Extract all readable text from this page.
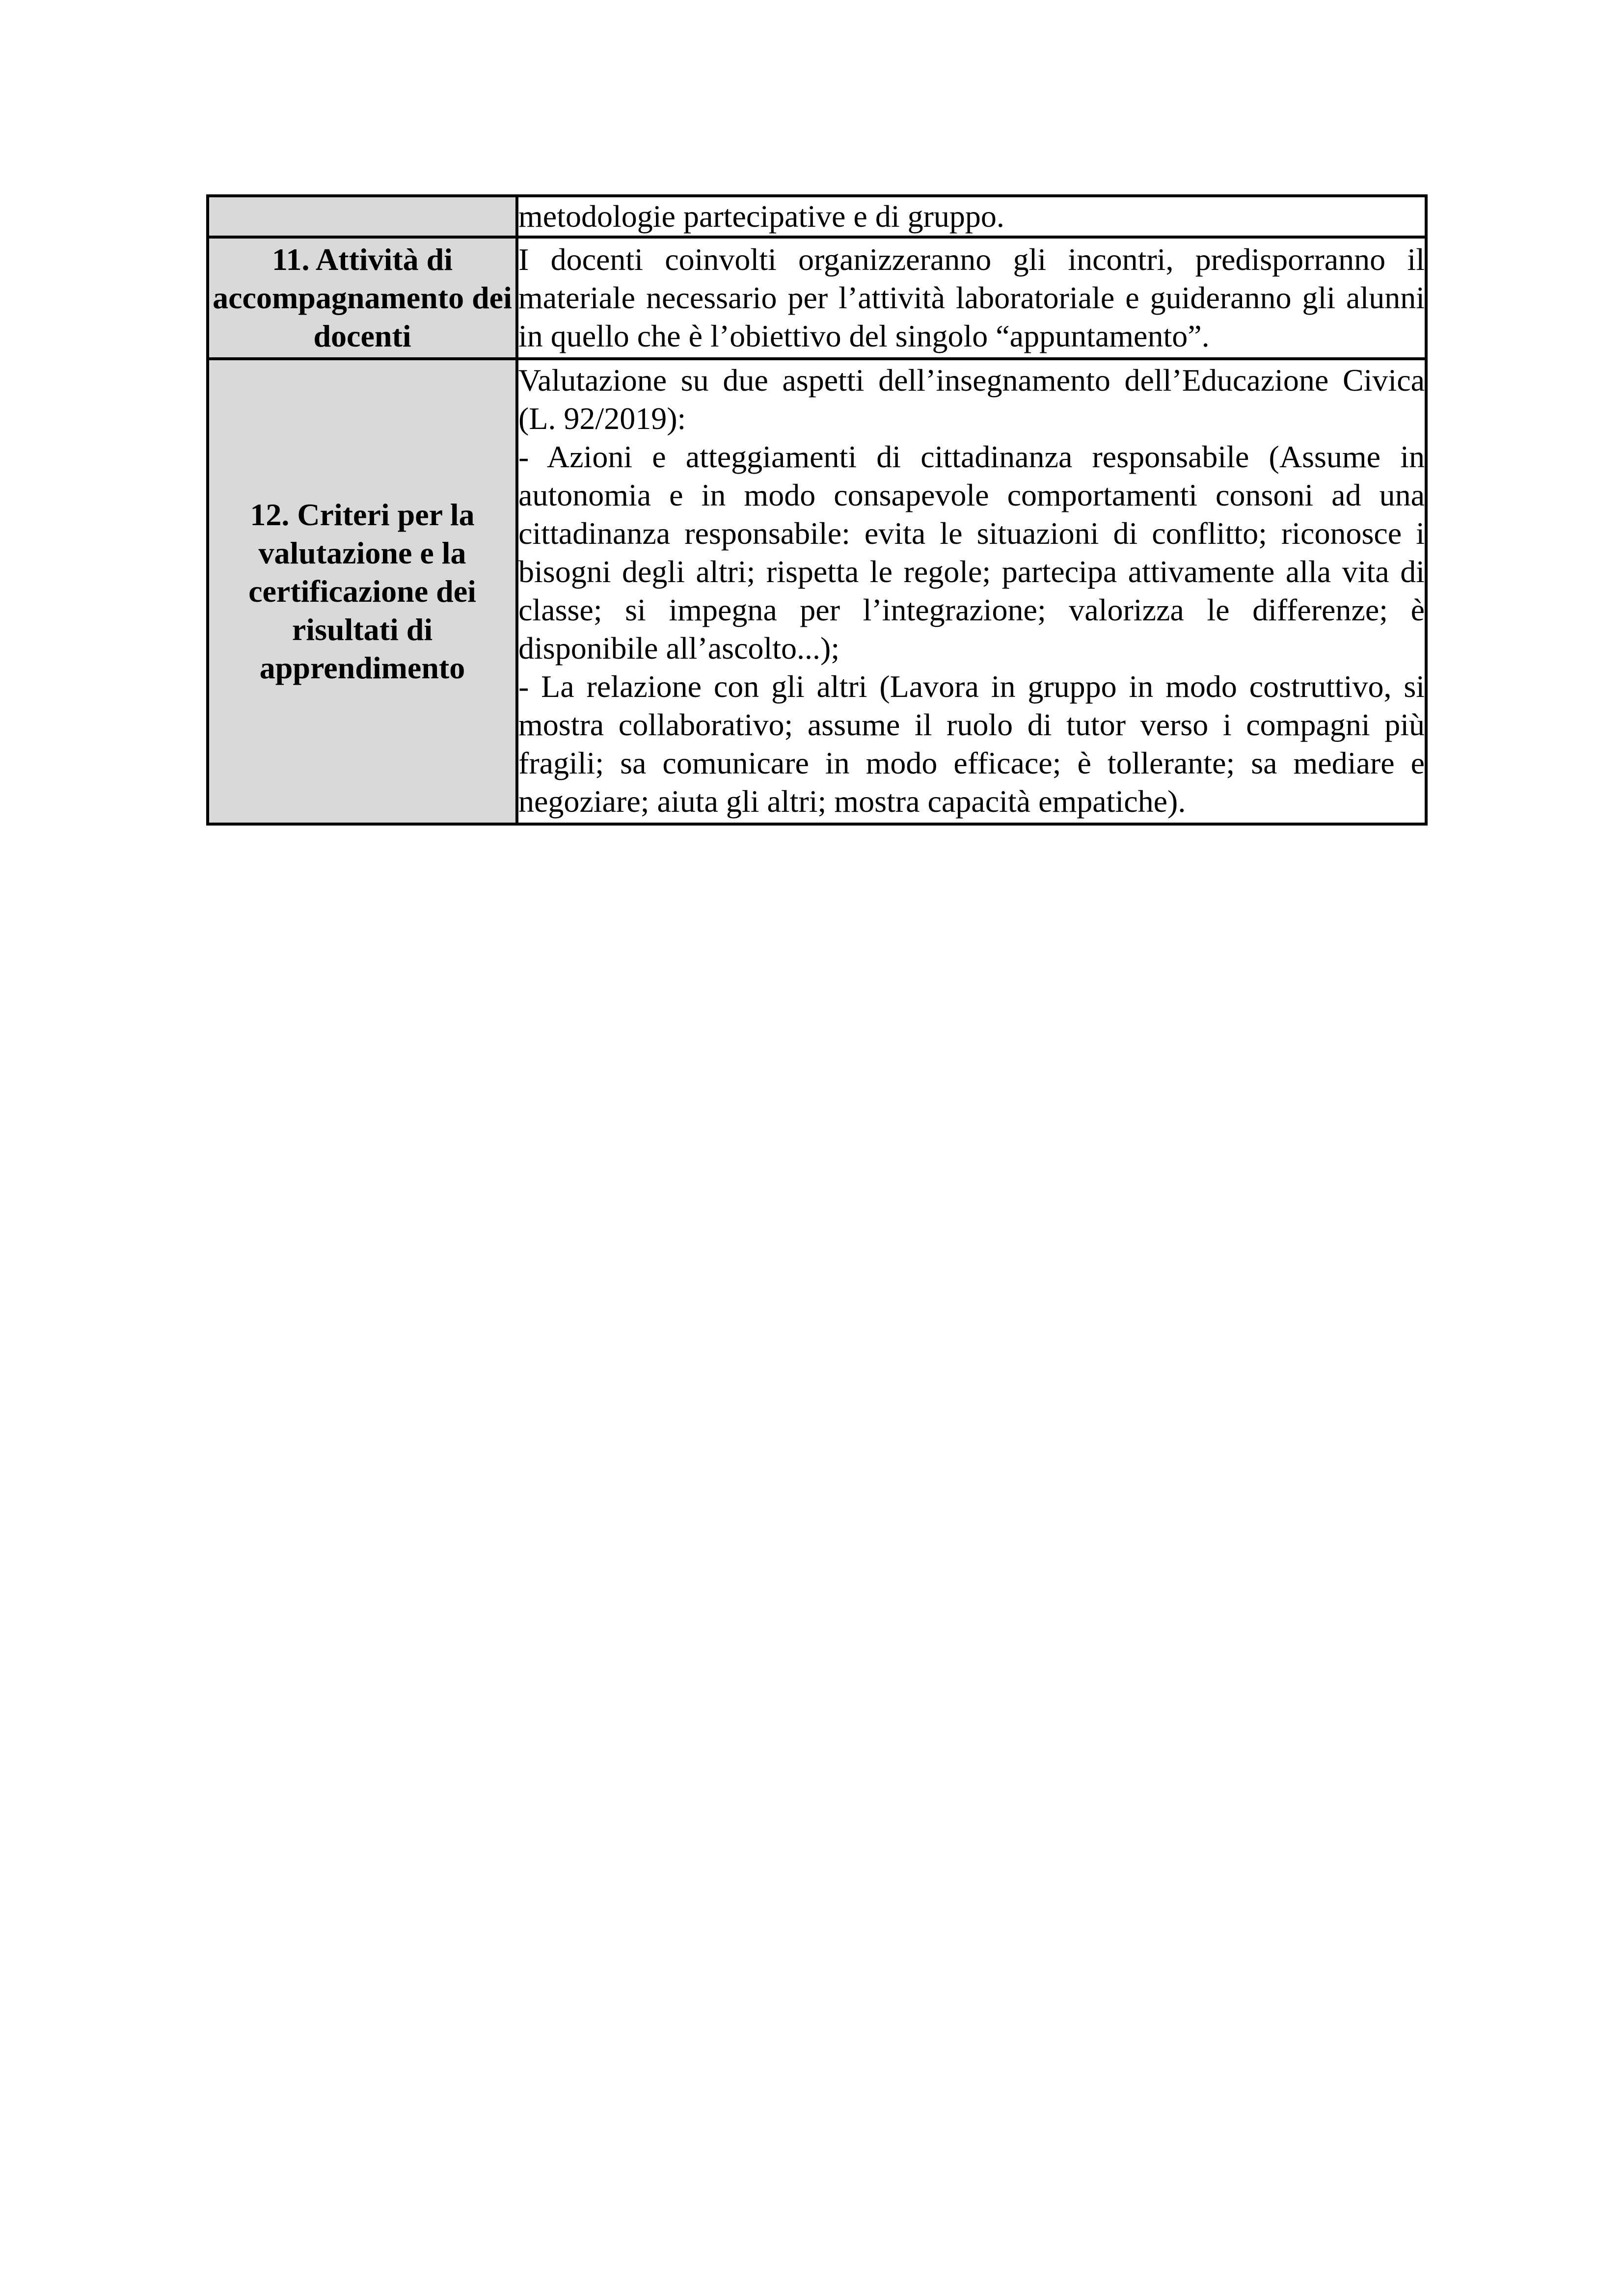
	metodologie partecipative e di gruppo.

11. Attività di accompagnamento dei docenti	I docenti coinvolti organizzeranno gli incontri, predisporranno il materiale necessario per l’attività laboratoriale e guideranno gli alunni in quello che è l’obiettivo del singolo “appuntamento”.

12. Criteri per la valutazione e la certificazione dei risultati di apprendimento	Valutazione su due aspetti dell’insegnamento dell’Educazione Civica (L. 92/2019):
- Azioni e atteggiamenti di cittadinanza responsabile (Assume in autonomia e in modo consapevole comportamenti consoni ad una cittadinanza responsabile: evita le situazioni di conflitto; riconosce i bisogni degli altri; rispetta le regole; partecipa attivamente alla vita di classe; si impegna per l’integrazione; valorizza le differenze; è disponibile all’ascolto...);
- La relazione con gli altri (Lavora in gruppo in modo costruttivo, si mostra collaborativo; assume il ruolo di tutor verso i compagni più fragili; sa comunicare in modo efficace; è tollerante; sa mediare e negoziare; aiuta gli altri; mostra capacità empatiche).
